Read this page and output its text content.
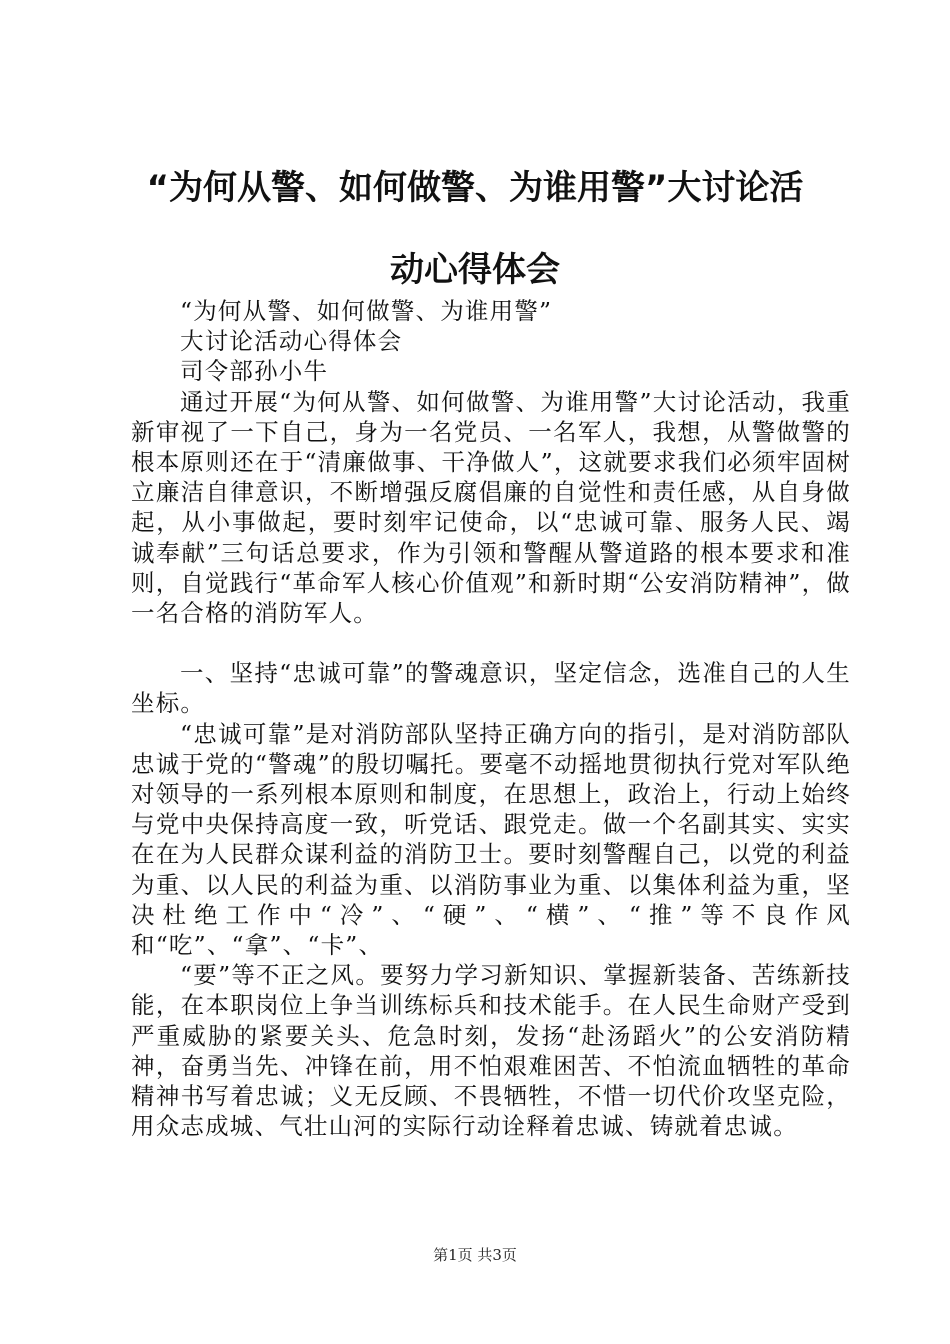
“为何从警、如何做警、为谁用警”大讨论活
动心得体会

“为何从警、如何做警、为谁用警”

大讨论活动心得体会

司令部孙小牛

通过开展“为何从警、如何做警、为谁用警”大讨论活动，我重新审视了一下自己，身为一名党员、一名军人，我想，从警做警的根本原则还在于“清廉做事、干净做人”，这就要求我们必须牢固树立廉洁自律意识，不断增强反腐倡廉的自觉性和责任感，从自身做起，从小事做起，要时刻牢记使命，以“忠诚可靠、服务人民、竭诚奉献”三句话总要求，作为引领和警醒从警道路的根本要求和准则，自觉践行“革命军人核心价值观”和新时期“公安消防精神”，做一名合格的消防军人。

一、坚持“忠诚可靠”的警魂意识，坚定信念，选准自己的人生坐标。

“忠诚可靠”是对消防部队坚持正确方向的指引，是对消防部队忠诚于党的“警魂”的殷切嘱托。要毫不动摇地贯彻执行党对军队绝对领导的一系列根本原则和制度，在思想上，政治上，行动上始终与党中央保持高度一致，听党话、跟党走。做一个名副其实、实实在在为人民群众谋利益的消防卫士。要时刻警醒自己，以党的利益为重、以人民的利益为重、以消防事业为重、以集体利益为重，坚决杜绝工作中“冷”、“硬”、“横”、“推”等不良作风和“吃”、“拿”、“卡”、

“要”等不正之风。要努力学习新知识、掌握新装备、苦练新技能，在本职岗位上争当训练标兵和技术能手。在人民生命财产受到严重威胁的紧要关头、危急时刻，发扬“赴汤蹈火”的公安消防精神，奋勇当先、冲锋在前，用不怕艰难困苦、不怕流血牺牲的革命精神书写着忠诚；义无反顾、不畏牺牲，不惜一切代价攻坚克险，用众志成城、气壮山河的实际行动诠释着忠诚、铸就着忠诚。

第1页 共3页
